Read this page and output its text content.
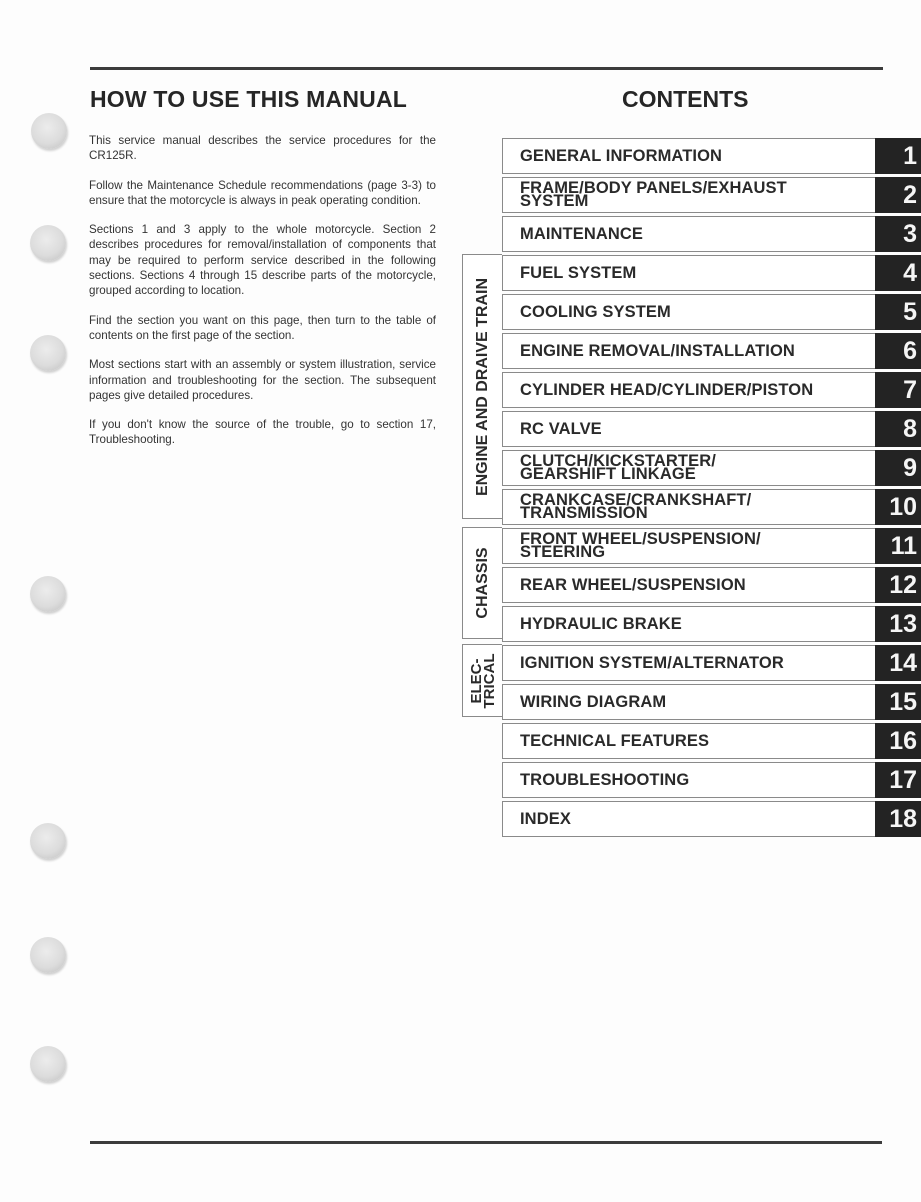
HOW TO USE THIS MANUAL

This service manual describes the service procedures for the CR125R.

Follow the Maintenance Schedule recommendations (page 3-3) to ensure that the motorcycle is always in peak operating condition.

Sections 1 and 3 apply to the whole motorcycle. Section 2 describes procedures for removal/installation of components that may be required to perform service described in the following sections. Sections 4 through 15 describe parts of the motorcycle, grouped according to location.

Find the section you want on this page, then turn to the table of contents on the first page of the section.

Most sections start with an assembly or system illustration, service information and troubleshooting for the section. The subsequent pages give detailed procedures.

If you don't know the source of the trouble, go to section 17, Troubleshooting.

CONTENTS
ENGINE AND DRAIVE TRAIN
CHASSIS
ELEC-
TRICAL
GENERAL INFORMATION	1
FRAME/BODY PANELS/EXHAUST
SYSTEM	2
MAINTENANCE	3
FUEL SYSTEM	4
COOLING SYSTEM	5
ENGINE REMOVAL/INSTALLATION	6
CYLINDER HEAD/CYLINDER/PISTON	7
RC VALVE	8
CLUTCH/KICKSTARTER/
GEARSHIFT LINKAGE	9
CRANKCASE/CRANKSHAFT/
TRANSMISSION	10
FRONT WHEEL/SUSPENSION/
STEERING	11
REAR WHEEL/SUSPENSION	12
HYDRAULIC BRAKE	13
IGNITION SYSTEM/ALTERNATOR	14
WIRING DIAGRAM	15
TECHNICAL FEATURES	16
TROUBLESHOOTING	17
INDEX	18
